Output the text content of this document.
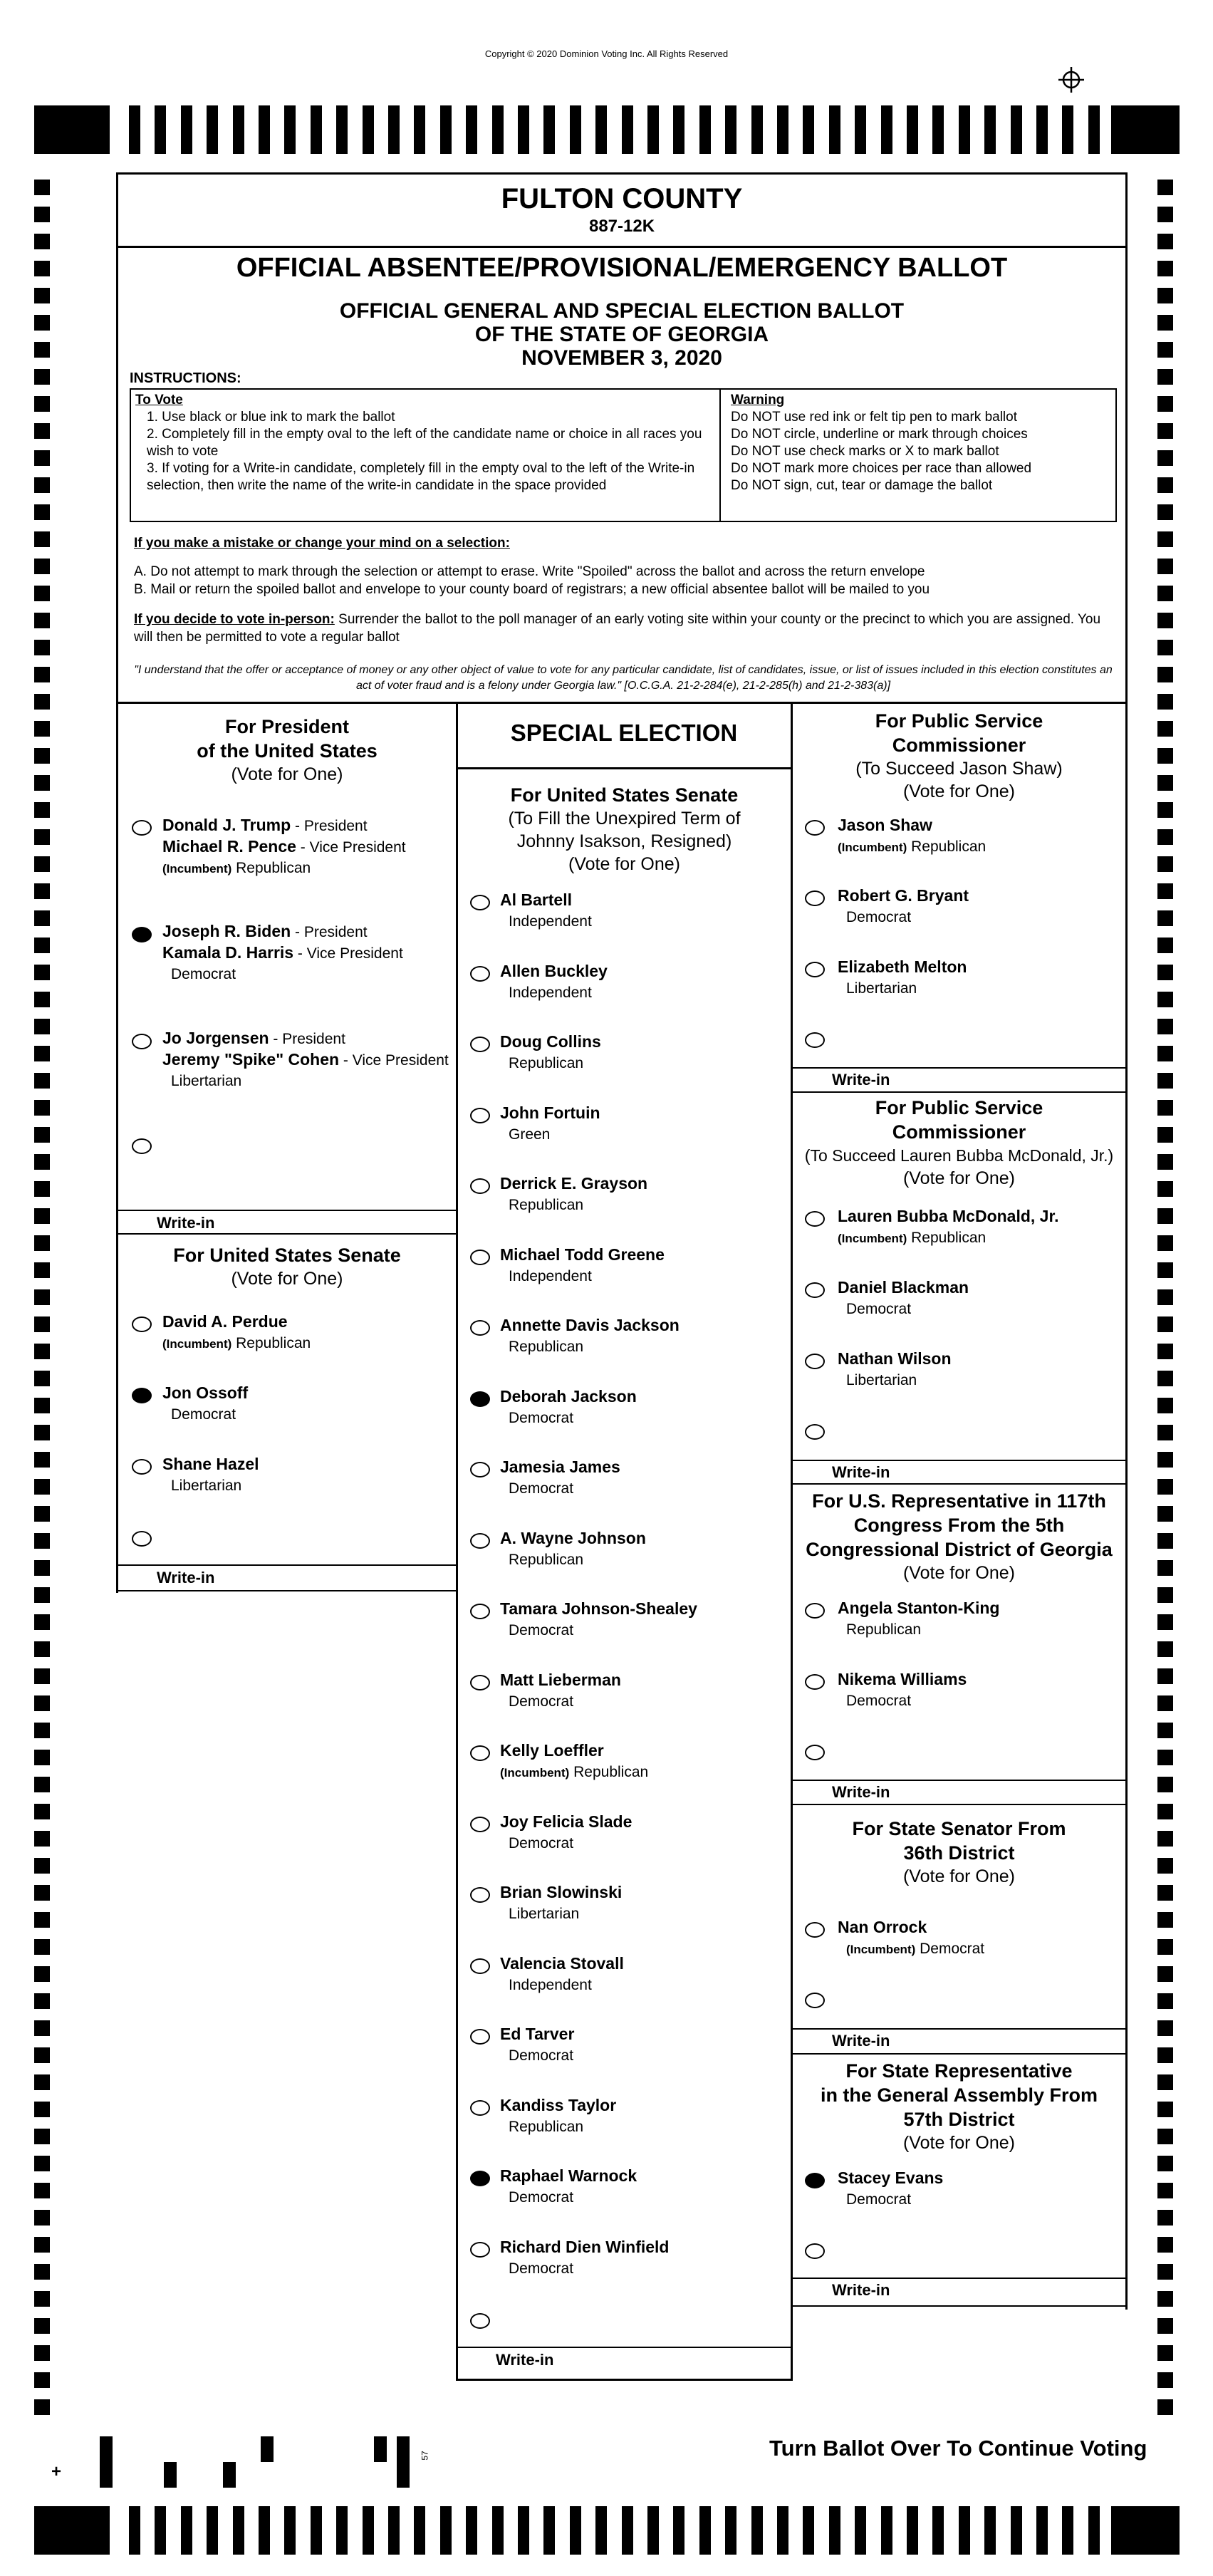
Copyright © 2020 Dominion Voting Inc. All Rights Reserved
FULTON COUNTY
887-12K
OFFICIAL ABSENTEE/PROVISIONAL/EMERGENCY BALLOT
OFFICIAL GENERAL AND SPECIAL ELECTION BALLOT
OF THE STATE OF GEORGIA
NOVEMBER 3, 2020
INSTRUCTIONS:
To Vote
1. Use black or blue ink to mark the ballot
2. Completely fill in the empty oval to the left of the candidate name or choice in all races you wish to vote
3. If voting for a Write-in candidate, completely fill in the empty oval to the left of the Write-in selection, then write the name of the write-in candidate in the space provided
Warning
Do NOT use red ink or felt tip pen to mark ballot
Do NOT circle, underline or mark through choices
Do NOT use check marks or X to mark ballot
Do NOT mark more choices per race than allowed
Do NOT sign, cut, tear or damage the ballot
If you make a mistake or change your mind on a selection:
A. Do not attempt to mark through the selection or attempt to erase. Write "Spoiled" across the ballot and across the return envelope
B. Mail or return the spoiled ballot and envelope to your county board of registrars; a new official absentee ballot will be mailed to you
If you decide to vote in-person: Surrender the ballot to the poll manager of an early voting site within your county or the precinct to which you are assigned. You will then be permitted to vote a regular ballot
"I understand that the offer or acceptance of money or any other object of value to vote for any particular candidate, list of candidates, issue, or list of issues included in this election constitutes an act of voter fraud and is a felony under Georgia law." [O.C.G.A. 21-2-284(e), 21-2-285(h) and 21-2-383(a)]
For President
of the United States
(Vote for One)
Donald J. Trump - President
Michael R. Pence - Vice President
(Incumbent) Republican
Joseph R. Biden - President
Kamala D. Harris - Vice President
Democrat
Jo Jorgensen - President
Jeremy "Spike" Cohen - Vice President
Libertarian
Write-in
For United States Senate
(Vote for One)
David A. Perdue
(Incumbent) Republican
Jon Ossoff
Democrat
Shane Hazel
Libertarian
Write-in
SPECIAL ELECTION
For United States Senate
(To Fill the Unexpired Term of
Johnny Isakson, Resigned)
(Vote for One)
Al Bartell
Independent
Allen Buckley
Independent
Doug Collins
Republican
John Fortuin
Green
Derrick E. Grayson
Republican
Michael Todd Greene
Independent
Annette Davis Jackson
Republican
Deborah Jackson
Democrat
Jamesia James
Democrat
A. Wayne Johnson
Republican
Tamara Johnson-Shealey
Democrat
Matt Lieberman
Democrat
Kelly Loeffler
(Incumbent) Republican
Joy Felicia Slade
Democrat
Brian Slowinski
Libertarian
Valencia Stovall
Independent
Ed Tarver
Democrat
Kandiss Taylor
Republican
Raphael Warnock
Democrat
Richard Dien Winfield
Democrat
Write-in
For Public Service
Commissioner
(To Succeed Jason Shaw)
(Vote for One)
Jason Shaw
(Incumbent) Republican
Robert G. Bryant
Democrat
Elizabeth Melton
Libertarian
Write-in
For Public Service
Commissioner
(To Succeed Lauren Bubba McDonald, Jr.)
(Vote for One)
Lauren Bubba McDonald, Jr.
(Incumbent) Republican
Daniel Blackman
Democrat
Nathan Wilson
Libertarian
Write-in
For U.S. Representative in 117th
Congress From the 5th
Congressional District of Georgia
(Vote for One)
Angela Stanton-King
Republican
Nikema Williams
Democrat
Write-in
For State Senator From
36th District
(Vote for One)
Nan Orrock
(Incumbent) Democrat
Write-in
For State Representative
in the General Assembly From
57th District
(Vote for One)
Stacey Evans
Democrat
Write-in
+
57	Turn Ballot Over To Continue Voting
